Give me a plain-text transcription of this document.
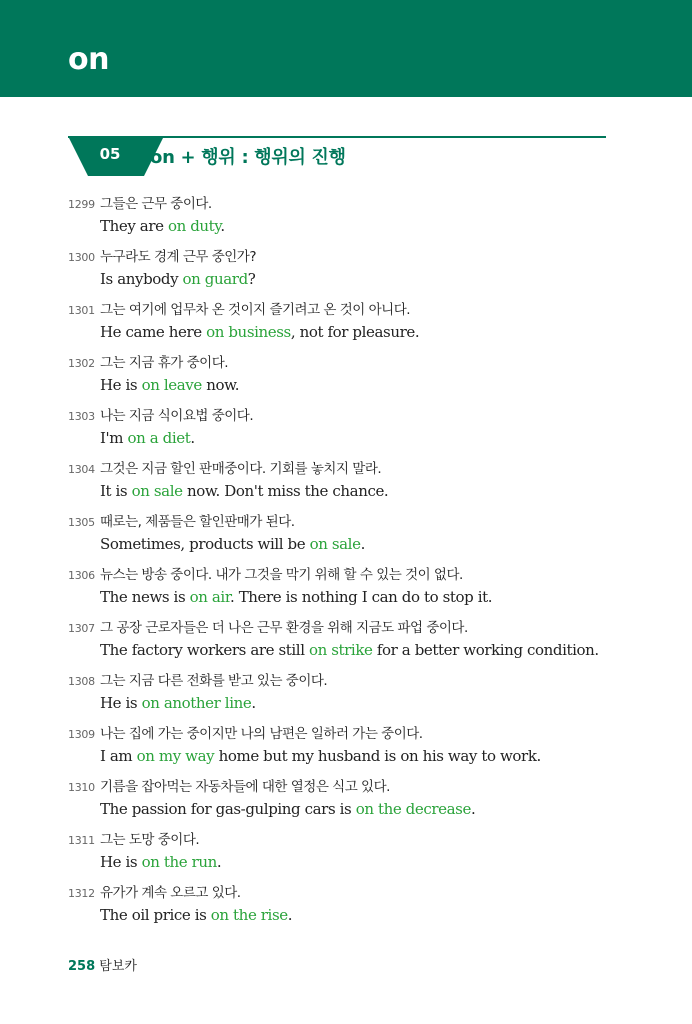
on
05 on + 행위 : 행위의 진행
1299 그들은 근무 중이다.
They are on duty.
1300 누구라도 경계 근무 중인가?
Is anybody on guard?
1301 그는 여기에 업무차 온 것이지 즐기려고 온 것이 아니다.
He came here on business, not for pleasure.
1302 그는 지금 휴가 중이다.
He is on leave now.
1303 나는 지금 식이요법 중이다.
I'm on a diet.
1304 그것은 지금 할인 판매중이다. 기회를 놓치지 말라.
It is on sale now. Don't miss the chance.
1305 때로는, 제품들은 할인판매가 된다.
Sometimes, products will be on sale.
1306 뉴스는 방송 중이다. 내가 그것을 막기 위해 할 수 있는 것이 없다.
The news is on air. There is nothing I can do to stop it.
1307 그 공장 근로자들은 더 나은 근무 환경을 위해 지금도 파업 중이다.
The factory workers are still on strike for a better working condition.
1308 그는 지금 다른 전화를 받고 있는 중이다.
He is on another line.
1309 나는 집에 가는 중이지만 나의 남편은 일하러 가는 중이다.
I am on my way home but my husband is on his way to work.
1310 기름을 잡아먹는 자동차들에 대한 열정은 식고 있다.
The passion for gas-gulping cars is on the decrease.
1311 그는 도망 중이다.
He is on the run.
1312 유가가 계속 오르고 있다.
The oil price is on the rise.
258 탐보카
